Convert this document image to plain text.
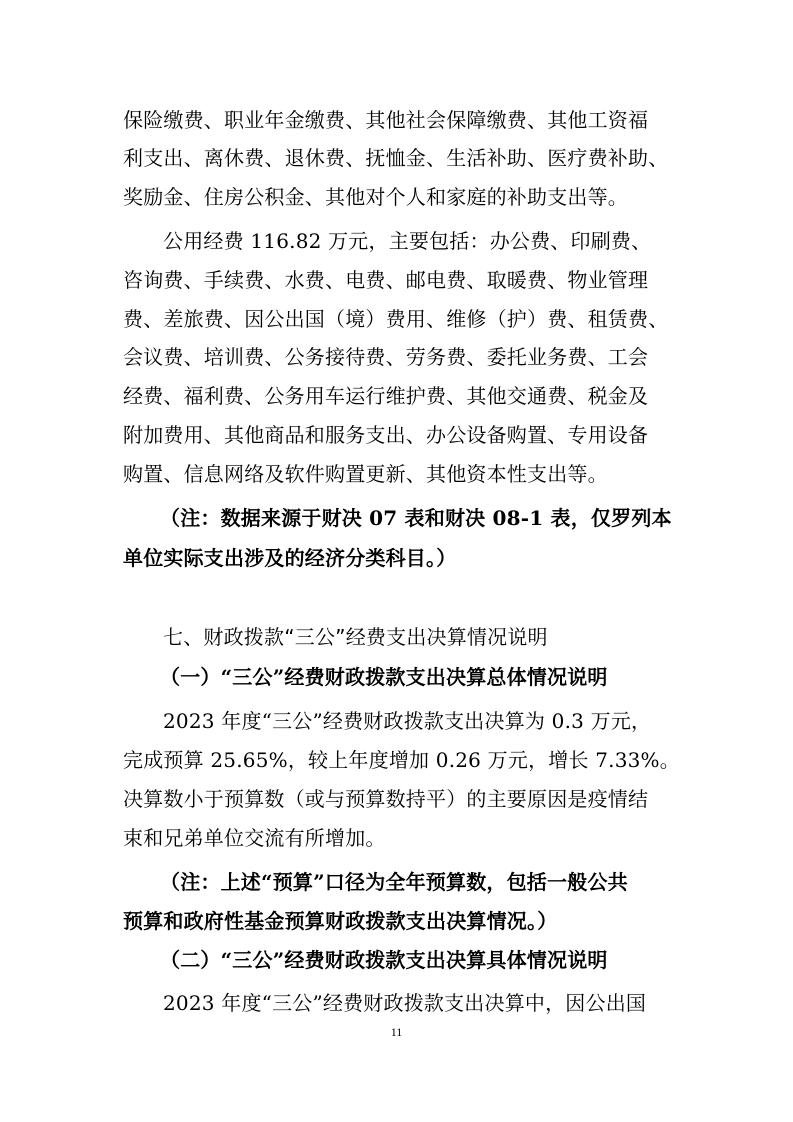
保险缴费、职业年金缴费、其他社会保障缴费、其他工资福
利支出、离休费、退休费、抚恤金、生活补助、医疗费补助、
奖励金、住房公积金、其他对个人和家庭的补助支出等。
公用经费 116.82 万元，主要包括：办公费、印刷费、
咨询费、手续费、水费、电费、邮电费、取暖费、物业管理
费、差旅费、因公出国（境）费用、维修（护）费、租赁费、
会议费、培训费、公务接待费、劳务费、委托业务费、工会
经费、福利费、公务用车运行维护费、其他交通费、税金及
附加费用、其他商品和服务支出、办公设备购置、专用设备
购置、信息网络及软件购置更新、其他资本性支出等。
（注：数据来源于财决 07 表和财决 08-1 表，仅罗列本
单位实际支出涉及的经济分类科目。）
七、财政拨款“三公”经费支出决算情况说明
（一）“三公”经费财政拨款支出决算总体情况说明
2023 年度“三公”经费财政拨款支出决算为 0.3 万元，
完成预算 25.65%，较上年度增加 0.26 万元，增长 7.33%。
决算数小于预算数（或与预算数持平）的主要原因是疫情结
束和兄弟单位交流有所增加。
（注：上述“预算”口径为全年预算数，包括一般公共
预算和政府性基金预算财政拨款支出决算情况。）
（二）“三公”经费财政拨款支出决算具体情况说明
2023 年度“三公”经费财政拨款支出决算中，因公出国
11
